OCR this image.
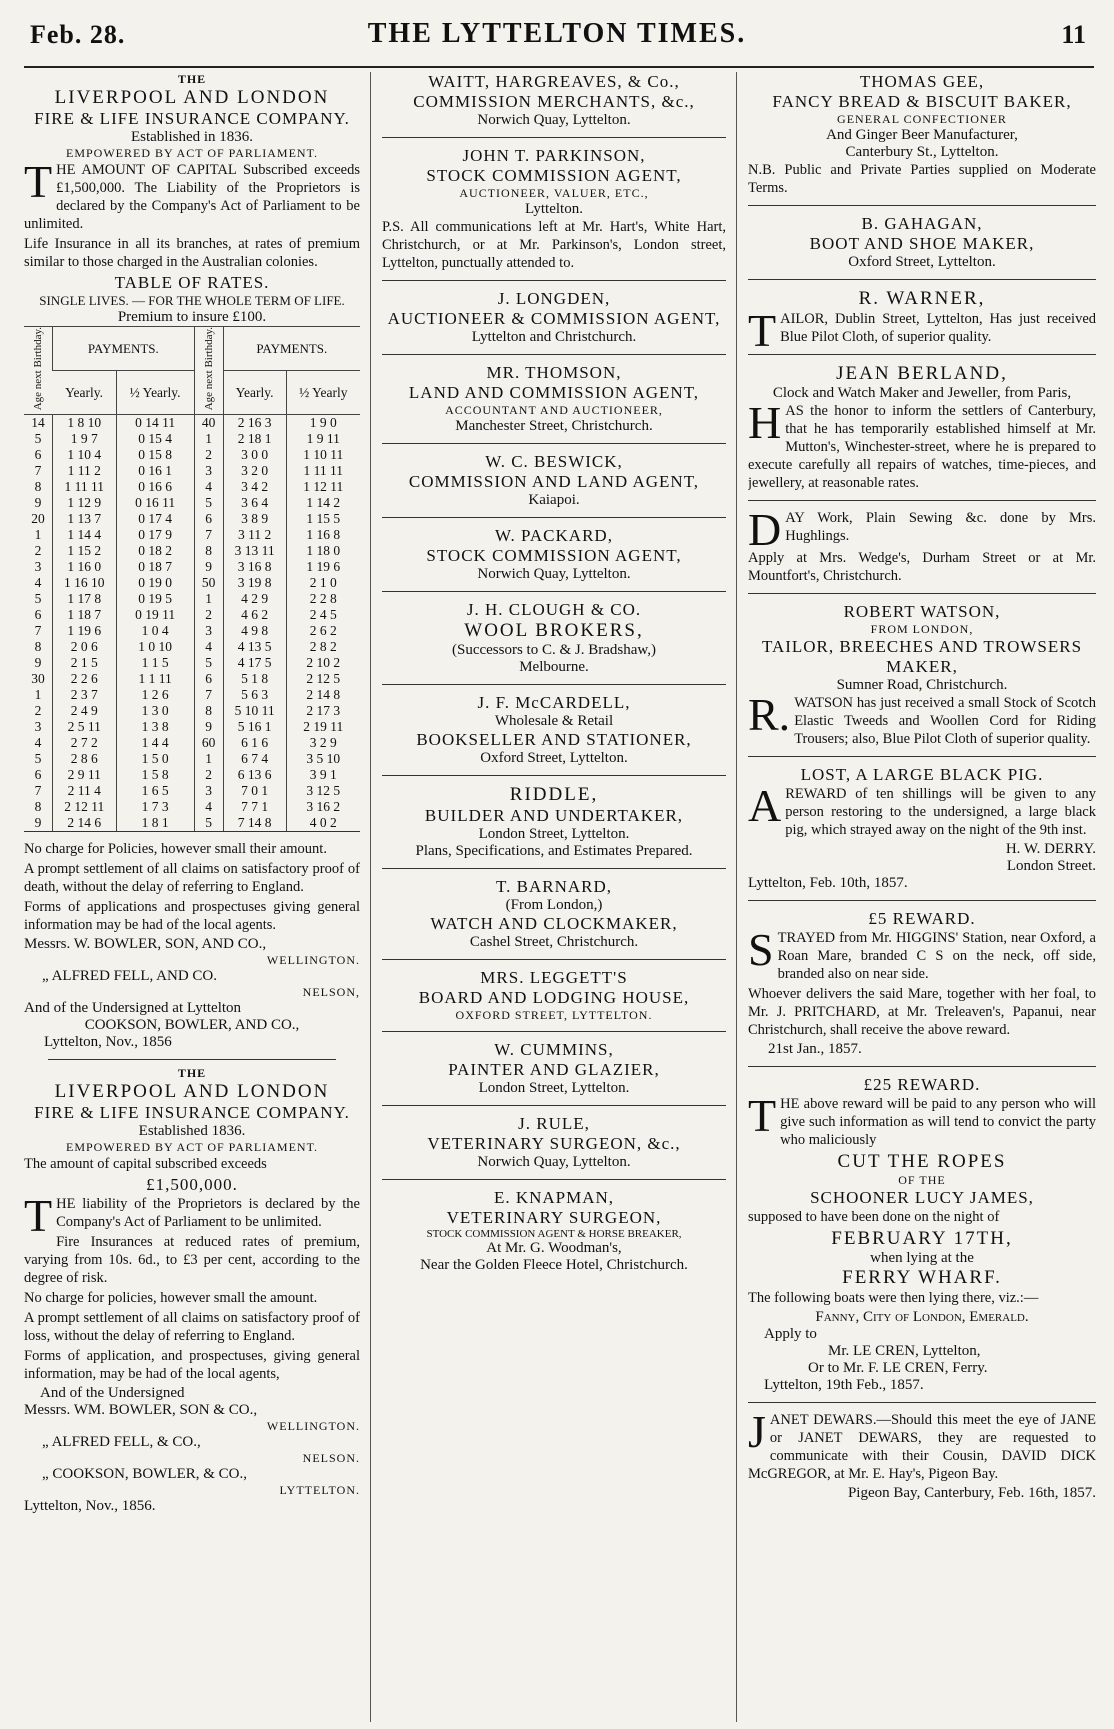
Feb. 28.	THE LYTTELTON TIMES.	11
THE
LIVERPOOL AND LONDON
FIRE & LIFE INSURANCE COMPANY.
Established in 1836.
EMPOWERED BY ACT OF PARLIAMENT.

THE AMOUNT OF CAPITAL Subscribed exceeds £1,500,000. The Liability of the Proprietors is declared by the Company's Act of Parliament to be unlimited.

Life Insurance in all its branches, at rates of premium similar to those charged in the Australian colonies.

TABLE OF RATES.
SINGLE LIVES. — FOR THE WHOLE TERM OF LIFE.
Premium to insure £100.
Age next Birthday.	PAYMENTS.		Age next Birthday.	PAYMENTS.	
	Yearly.	½ Yearly.		Yearly.	½ Yearly
14	1 8 10	0 14 11	40	2 16 3	1 9 0
5	1 9 7	0 15 4	1	2 18 1	1 9 11
6	1 10 4	0 15 8	2	3 0 0	1 10 11
7	1 11 2	0 16 1	3	3 2 0	1 11 11
8	1 11 11	0 16 6	4	3 4 2	1 12 11
9	1 12 9	0 16 11	5	3 6 4	1 14 2
20	1 13 7	0 17 4	6	3 8 9	1 15 5
1	1 14 4	0 17 9	7	3 11 2	1 16 8
2	1 15 2	0 18 2	8	3 13 11	1 18 0
3	1 16 0	0 18 7	9	3 16 8	1 19 6
4	1 16 10	0 19 0	50	3 19 8	2 1 0
5	1 17 8	0 19 5	1	4 2 9	2 2 8
6	1 18 7	0 19 11	2	4 6 2	2 4 5
7	1 19 6	1 0 4	3	4 9 8	2 6 2
8	2 0 6	1 0 10	4	4 13 5	2 8 2
9	2 1 5	1 1 5	5	4 17 5	2 10 2
30	2 2 6	1 1 11	6	5 1 8	2 12 5
1	2 3 7	1 2 6	7	5 6 3	2 14 8
2	2 4 9	1 3 0	8	5 10 11	2 17 3
3	2 5 11	1 3 8	9	5 16 1	2 19 11
4	2 7 2	1 4 4	60	6 1 6	3 2 9
5	2 8 6	1 5 0	1	6 7 4	3 5 10
6	2 9 11	1 5 8	2	6 13 6	3 9 1
7	2 11 4	1 6 5	3	7 0 1	3 12 5
8	2 12 11	1 7 3	4	7 7 1	3 16 2
9	2 14 6	1 8 1	5	7 14 8	4 0 2

No charge for Policies, however small their amount.

A prompt settlement of all claims on satisfactory proof of death, without the delay of referring to England.

Forms of applications and prospectuses giving general information may be had of the local agents.

Messrs. W. BOWLER, SON, AND CO.,
WELLINGTON.
„ ALFRED FELL, AND CO.
NELSON,
And of the Undersigned at Lyttelton
COOKSON, BOWLER, AND CO.,
Lyttelton, Nov., 1856
THE
LIVERPOOL AND LONDON
FIRE & LIFE INSURANCE COMPANY.
Established 1836.
EMPOWERED BY ACT OF PARLIAMENT.

The amount of capital subscribed exceeds

£1,500,000.

THE liability of the Proprietors is declared by the Company's Act of Parliament to be unlimited.

Fire Insurances at reduced rates of premium, varying from 10s. 6d., to £3 per cent, according to the degree of risk.

No charge for policies, however small the amount.

A prompt settlement of all claims on satisfactory proof of loss, without the delay of referring to England.

Forms of application, and prospectuses, giving general information, may be had of the local agents,

And of the Undersigned
Messrs. WM. BOWLER, SON & CO.,
WELLINGTON.
„ ALFRED FELL, & CO.,
NELSON.
„ COOKSON, BOWLER, & CO.,
LYTTELTON.
Lyttelton, Nov., 1856.
WAITT, HARGREAVES, & Co.,
COMMISSION MERCHANTS, &c.,
Norwich Quay, Lyttelton.
JOHN T. PARKINSON,
STOCK COMMISSION AGENT,
AUCTIONEER, VALUER, ETC.,
Lyttelton.

P.S. All communications left at Mr. Hart's, White Hart, Christchurch, or at Mr. Parkinson's, London street, Lyttelton, punctually attended to.

J. LONGDEN,
AUCTIONEER & COMMISSION AGENT,
Lyttelton and Christchurch.
MR. THOMSON,
LAND AND COMMISSION AGENT,
ACCOUNTANT AND AUCTIONEER,
Manchester Street, Christchurch.
W. C. BESWICK,
COMMISSION AND LAND AGENT,
Kaiapoi.
W. PACKARD,
STOCK COMMISSION AGENT,
Norwich Quay, Lyttelton.
J. H. CLOUGH & CO.
WOOL BROKERS,
(Successors to C. & J. Bradshaw,)
Melbourne.
J. F. McCARDELL,
Wholesale & Retail
BOOKSELLER AND STATIONER,
Oxford Street, Lyttelton.
RIDDLE,
BUILDER AND UNDERTAKER,
London Street, Lyttelton.
Plans, Specifications, and Estimates Prepared.
T. BARNARD,
(From London,)
WATCH AND CLOCKMAKER,
Cashel Street, Christchurch.
MRS. LEGGETT'S
BOARD AND LODGING HOUSE,
OXFORD STREET, LYTTELTON.
W. CUMMINS,
PAINTER AND GLAZIER,
London Street, Lyttelton.
J. RULE,
VETERINARY SURGEON, &c.,
Norwich Quay, Lyttelton.
E. KNAPMAN,
VETERINARY SURGEON,
STOCK COMMISSION AGENT & HORSE BREAKER,
At Mr. G. Woodman's,
Near the Golden Fleece Hotel, Christchurch.
THOMAS GEE,
FANCY BREAD & BISCUIT BAKER,
GENERAL CONFECTIONER
And Ginger Beer Manufacturer,
Canterbury St., Lyttelton.

N.B. Public and Private Parties supplied on Moderate Terms.

B. GAHAGAN,
BOOT AND SHOE MAKER,
Oxford Street, Lyttelton.
R. WARNER,

TAILOR, Dublin Street, Lyttelton, Has just received Blue Pilot Cloth, of superior quality.

JEAN BERLAND,
Clock and Watch Maker and Jeweller, from Paris,

HAS the honor to inform the settlers of Canterbury, that he has temporarily established himself at Mr. Mutton's, Winchester-street, where he is prepared to execute carefully all repairs of watches, time-pieces, and jewellery, at reasonable rates.

DAY Work, Plain Sewing &c. done by Mrs. Hughlings.

Apply at Mrs. Wedge's, Durham Street or at Mr. Mountfort's, Christchurch.

ROBERT WATSON,
FROM LONDON,
TAILOR, BREECHES AND TROWSERS MAKER,
Sumner Road, Christchurch.

R. WATSON has just received a small Stock of Scotch Elastic Tweeds and Woollen Cord for Riding Trousers; also, Blue Pilot Cloth of superior quality.

LOST, A LARGE BLACK PIG.

AREWARD of ten shillings will be given to any person restoring to the undersigned, a large black pig, which strayed away on the night of the 9th inst.

H. W. DERRY.
London Street.
Lyttelton, Feb. 10th, 1857.
£5 REWARD.

STRAYED from Mr. HIGGINS' Station, near Oxford, a Roan Mare, branded C S on the neck, off side, branded also on near side.

Whoever delivers the said Mare, together with her foal, to Mr. J. PRITCHARD, at Mr. Treleaven's, Papanui, near Christchurch, shall receive the above reward.

21st Jan., 1857.
£25 REWARD.

THE above reward will be paid to any person who will give such information as will tend to convict the party who maliciously

CUT THE ROPES
OF THE
SCHOONER LUCY JAMES,

supposed to have been done on the night of

FEBRUARY 17TH,
when lying at the
FERRY WHARF.

The following boats were then lying there, viz.:—

Fanny, City of London, Emerald.
Apply to
Mr. LE CREN, Lyttelton,
Or to Mr. F. LE CREN, Ferry.
Lyttelton, 19th Feb., 1857.

JANET DEWARS.—Should this meet the eye of JANE or JANET DEWARS, they are requested to communicate with their Cousin, DAVID DICK McGREGOR, at Mr. E. Hay's, Pigeon Bay.

Pigeon Bay, Canterbury, Feb. 16th, 1857.
